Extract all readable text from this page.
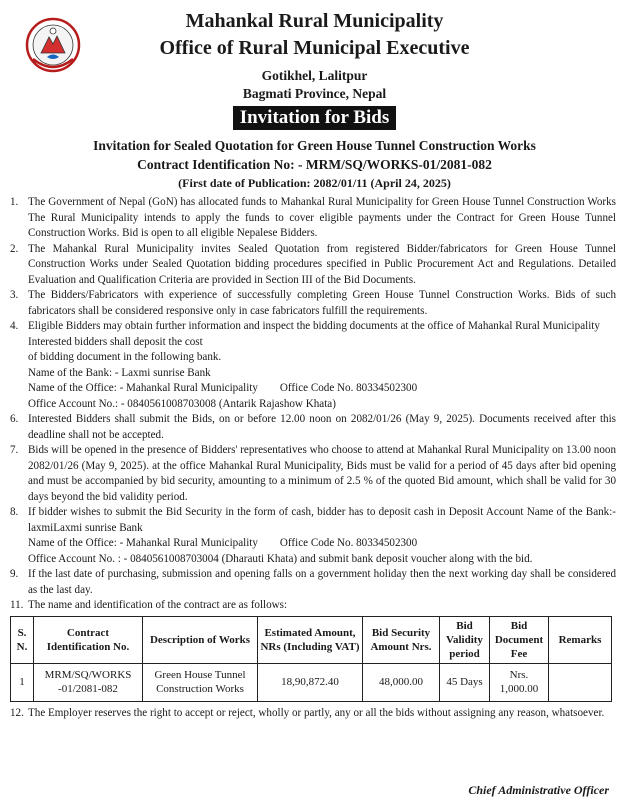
Mahankal Rural Municipality
Office of Rural Municipal Executive
Gotikhel, Lalitpur
Bagmati Province, Nepal
Invitation for Bids
Invitation for Sealed Quotation for Green House Tunnel Construction Works
Contract Identification No: - MRM/SQ/WORKS-01/2081-082
(First date of Publication: 2082/01/11 (April 24, 2025)
1. The Government of Nepal (GoN) has allocated funds to Mahankal Rural Municipality for Green House Tunnel Construction Works The Rural Municipality intends to apply the funds to cover eligible payments under the Contract for Green House Tunnel Construction Works. Bid is open to all eligible Nepalese Bidders.
2. The Mahankal Rural Municipality invites Sealed Quotation from registered Bidder/fabricators for Green House Tunnel Construction Works under Sealed Quotation bidding procedures specified in Public Procurement Act and Regulations. Detailed Evaluation and Qualification Criteria are provided in Section III of the Bid Documents.
3. The Bidders/Fabricators with experience of successfully completing Green House Tunnel Construction Works. Bids of such fabricators shall be considered responsive only in case fabricators fulfill the requirements.
4. Eligible Bidders may obtain further information and inspect the bidding documents at the office of Mahankal Rural Municipality
Interested bidders shall deposit the cost
of bidding document in the following bank.
Name of the Bank: - Laxmi sunrise Bank
Name of the Office: - Mahankal Rural Municipality Office Code No. 80334502300
Office Account No.: - 0840561008703008 (Antarik Rajashow Khata)
6. Interested Bidders shall submit the Bids, on or before 12.00 noon on 2082/01/26 (May 9, 2025). Documents received after this deadline shall not be accepted.
7. Bids will be opened in the presence of Bidders' representatives who choose to attend at Mahankal Rural Municipality on 13.00 noon 2082/01/26 (May 9, 2025). at the office Mahankal Rural Municipality, Bids must be valid for a period of 45 days after bid opening and must be accompanied by bid security, amounting to a minimum of 2.5 % of the quoted Bid amount, which shall be valid for 30 days beyond the bid validity period.
8. If bidder wishes to submit the Bid Security in the form of cash, bidder has to deposit cash in Deposit Account Name of the Bank:-laxmiLaxmi sunrise Bank
Name of the Office: - Mahankal Rural Municipality Office Code No. 80334502300
Office Account No. : - 0840561008703004 (Dharauti Khata) and submit bank deposit voucher along with the bid.
9. If the last date of purchasing, submission and opening falls on a government holiday then the next working day shall be considered as the last day.
11. The name and identification of the contract are as follows:
S. N.	Contract Identification No.	Description of Works	Estimated Amount, NRs (Including VAT)	Bid Security Amount Nrs.	Bid Validity period	Bid Document Fee	Remarks
1	MRM/SQ/WORKS -01/2081-082	Green House Tunnel Construction Works	18,90,872.40	48,000.00	45 Days	Nrs. 1,000.00	
12. The Employer reserves the right to accept or reject, wholly or partly, any or all the bids without assigning any reason, whatsoever.
Chief Administrative Officer
